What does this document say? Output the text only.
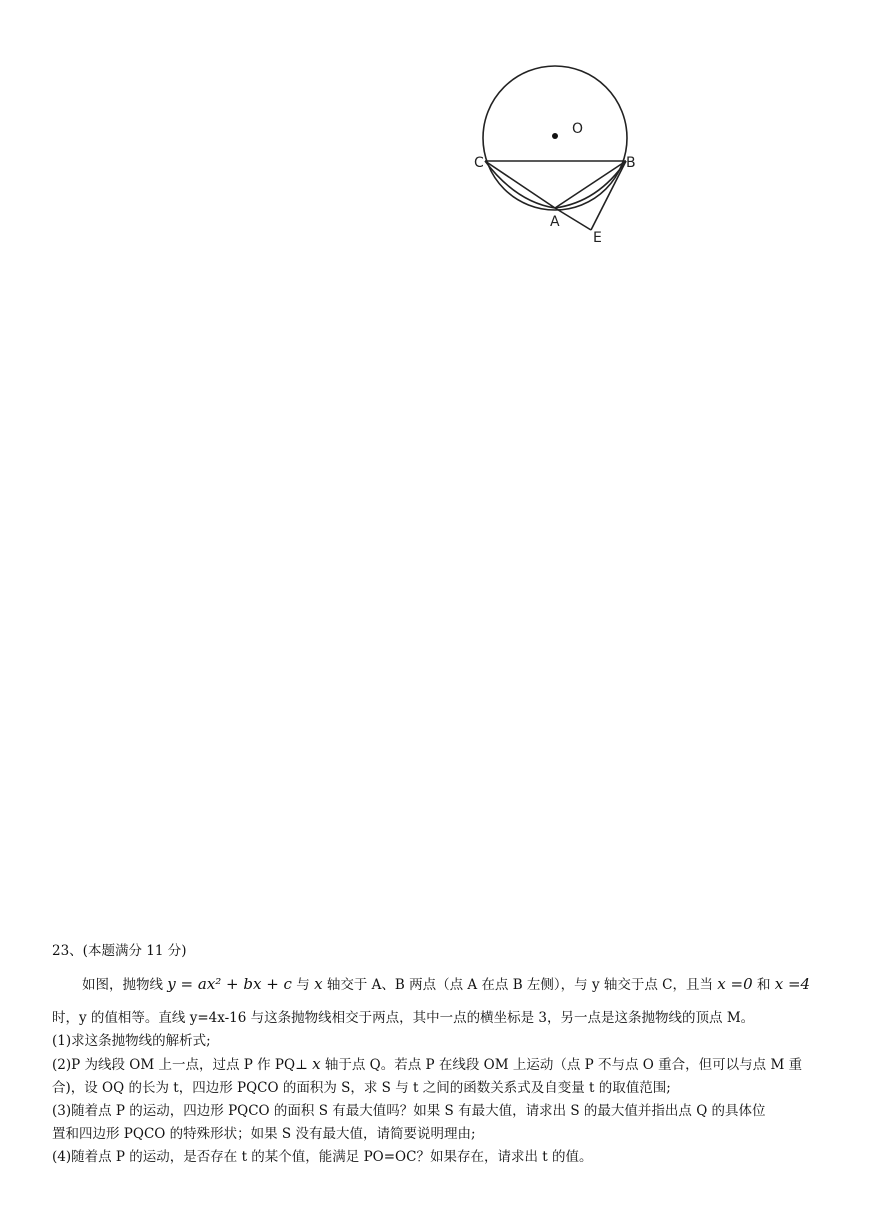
O
C	B
A
E
23、(本题满分 11 分)
如图，抛物线 y = ax² + bx + c 与 x 轴交于 A、B 两点（点 A 在点 B 左侧），与 y 轴交于点 C，且当 x =0 和 x =4
时，y 的值相等。直线 y=4x-16 与这条抛物线相交于两点，其中一点的横坐标是 3，另一点是这条抛物线的顶点 M。
(1)求这条抛物线的解析式;
(2)P 为线段 OM 上一点，过点 P 作 PQ⊥ x 轴于点 Q。若点 P 在线段 OM 上运动（点 P 不与点 O 重合，但可以与点 M 重
合)，设 OQ 的长为 t，四边形 PQCO 的面积为 S，求 S 与 t 之间的函数关系式及自变量 t 的取值范围;
(3)随着点 P 的运动，四边形 PQCO 的面积 S 有最大值吗？如果 S 有最大值，请求出 S 的最大值并指出点 Q 的具体位
置和四边形 PQCO 的特殊形状；如果 S 没有最大值，请简要说明理由;
(4)随着点 P 的运动，是否存在 t 的某个值，能满足 PO=OC？如果存在，请求出 t 的值。
